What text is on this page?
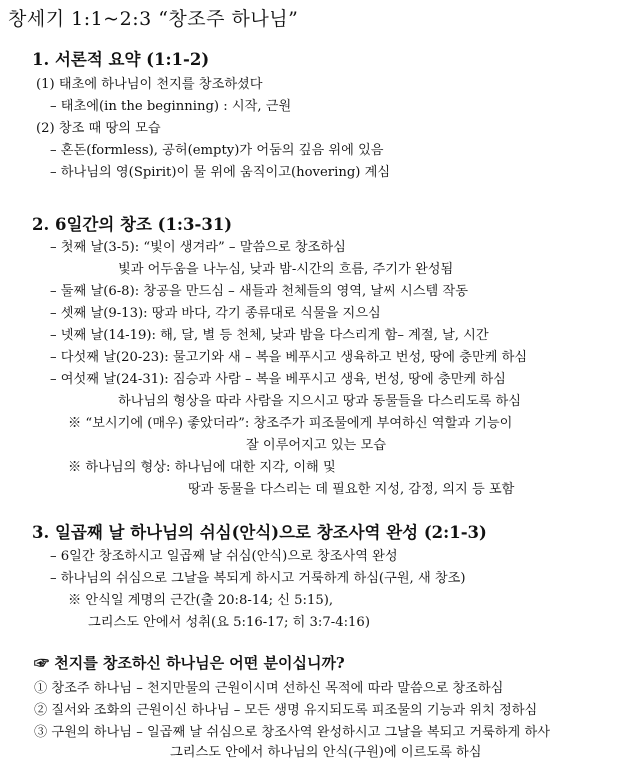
창세기 1:1~2:3 “창조주 하나님”
1. 서론적 요약 (1:1-2)
(1) 태초에 하나님이 천지를 창조하셨다
– 태초에(in the beginning) : 시작, 근원
(2) 창조 때 땅의 모습
– 혼돈(formless), 공허(empty)가 어둠의 깊음 위에 있음
– 하나님의 영(Spirit)이 물 위에 움직이고(hovering) 계심
2. 6일간의 창조 (1:3-31)
– 첫째 날(3-5): “빛이 생겨라” – 말씀으로 창조하심
빛과 어두움을 나누심, 낮과 밤-시간의 흐름, 주기가 완성됨
– 둘째 날(6-8): 창공을 만드심 – 새들과 천체들의 영역, 날씨 시스템 작동
– 셋째 날(9-13): 땅과 바다, 각기 종류대로 식물을 지으심
– 넷째 날(14-19): 해, 달, 별 등 천체, 낮과 밤을 다스리게 함– 계절, 날, 시간
– 다섯째 날(20-23): 물고기와 새 – 복을 베푸시고 생육하고 번성, 땅에 충만케 하심
– 여섯째 날(24-31): 짐승과 사람 – 복을 베푸시고 생육, 번성, 땅에 충만케 하심
하나님의 형상을 따라 사람을 지으시고 땅과 동물들을 다스리도록 하심
※ “보시기에 (매우) 좋았더라”: 창조주가 피조물에게 부여하신 역할과 기능이
잘 이루어지고 있는 모습
※ 하나님의 형상: 하나님에 대한 지각, 이해 및
땅과 동물을 다스리는 데 필요한 지성, 감정, 의지 등 포함
3. 일곱째 날 하나님의 쉬심(안식)으로 창조사역 완성 (2:1-3)
– 6일간 창조하시고 일곱째 날 쉬심(안식)으로 창조사역 완성
– 하나님의 쉬심으로 그날을 복되게 하시고 거룩하게 하심(구원, 새 창조)
※ 안식일 계명의 근간(출 20:8-14; 신 5:15),
그리스도 안에서 성취(요 5:16-17; 히 3:7-4:16)
☞ 천지를 창조하신 하나님은 어떤 분이십니까?
① 창조주 하나님 – 천지만물의 근원이시며 선하신 목적에 따라 말씀으로 창조하심
② 질서와 조화의 근원이신 하나님 – 모든 생명 유지되도록 피조물의 기능과 위치 정하심
③ 구원의 하나님 – 일곱째 날 쉬심으로 창조사역 완성하시고 그날을 복되고 거룩하게 하사
그리스도 안에서 하나님의 안식(구원)에 이르도록 하심
